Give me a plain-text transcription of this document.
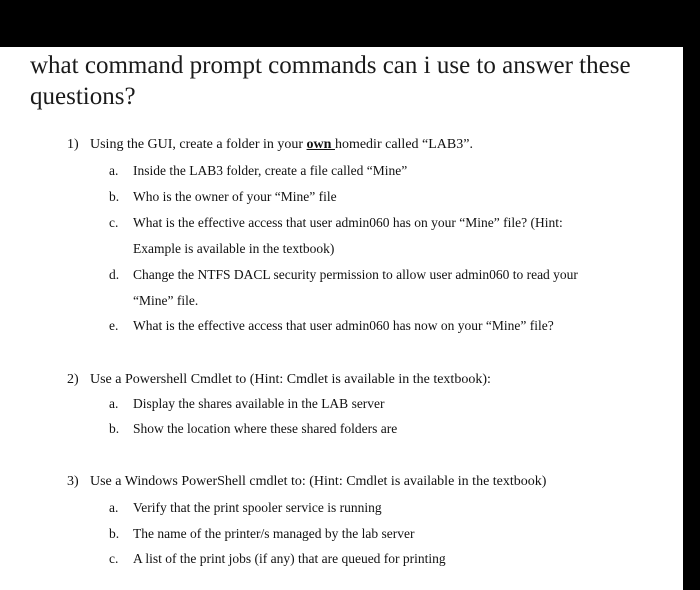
what command prompt commands can i use to answer these questions?
1) Using the GUI, create a folder in your own homedir called “LAB3”.
a. Inside the LAB3 folder, create a file called “Mine”
b. Who is the owner of your “Mine” file
c. What is the effective access that user admin060 has on your “Mine” file? (Hint:
Example is available in the textbook)
d. Change the NTFS DACL security permission to allow user admin060 to read your
“Mine” file.
e. What is the effective access that user admin060 has now on your “Mine” file?
2) Use a Powershell Cmdlet to (Hint: Cmdlet is available in the textbook):
a. Display the shares available in the LAB server
b. Show the location where these shared folders are
3) Use a Windows PowerShell cmdlet to: (Hint: Cmdlet is available in the textbook)
a. Verify that the print spooler service is running
b. The name of the printer/s managed by the lab server
c. A list of the print jobs (if any) that are queued for printing
